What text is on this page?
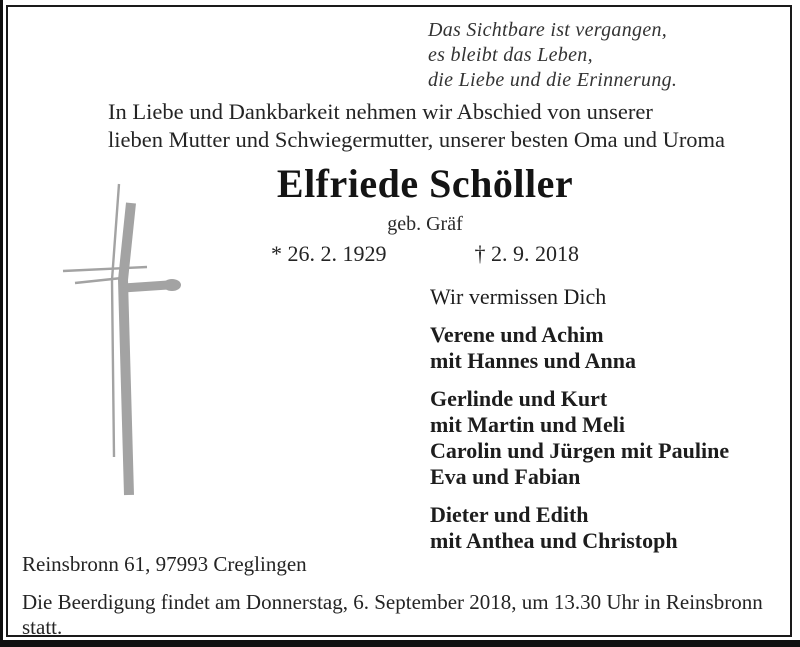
Das Sichtbare ist vergangen,
es bleibt das Leben,
die Liebe und die Erinnerung.
In Liebe und Dankbarkeit nehmen wir Abschied von unserer
lieben Mutter und Schwiegermutter, unserer besten Oma und Uroma
Elfriede Schöller
geb. Gräf
* 26. 2. 1929	† 2. 9. 2018
Wir vermissen Dich
Verene und Achim
mit Hannes und Anna
Gerlinde und Kurt
mit Martin und Meli
Carolin und Jürgen mit Pauline
Eva und Fabian
Dieter und Edith
mit Anthea und Christoph
Reinsbronn 61, 97993 Creglingen
Die Beerdigung findet am Donnerstag, 6. September 2018, um 13.30 Uhr in Reinsbronn statt.
